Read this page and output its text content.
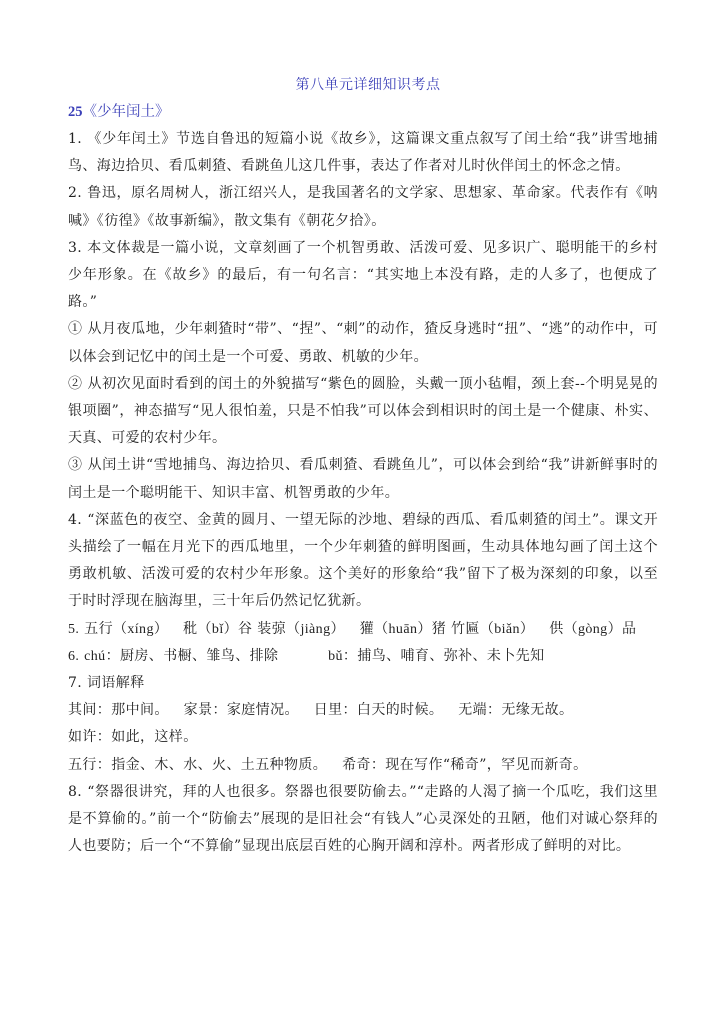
第八单元详细知识考点
25《少年闰土》
1. 《少年闰土》节选自鲁迅的短篇小说《故乡》，这篇课文重点叙写了闰土给“我”讲雪地捕鸟、海边拾贝、看瓜刺猹、看跳鱼儿这几件事，表达了作者对儿时伙伴闰土的怀念之情。
2. 鲁迅，原名周树人，浙江绍兴人，是我国著名的文学家、思想家、革命家。代表作有《呐喊》《彷徨》《故事新编》，散文集有《朝花夕拾》。
3. 本文体裁是一篇小说，文章刻画了一个机智勇敢、活泼可爱、见多识广、聪明能干的乡村少年形象。在《故乡》的最后，有一句名言：“其实地上本没有路，走的人多了，也便成了路。”
① 从月夜瓜地，少年刺猹时“带”、“捏”、“刺”的动作，猹反身逃时“扭”、“逃”的动作中，可以体会到记忆中的闰土是一个可爱、勇敢、机敏的少年。
② 从初次见面时看到的闰土的外貌描写“紫色的圆脸，头戴一顶小毡帽，颈上套--个明晃晃的银项圈”，神态描写“见人很怕羞，只是不怕我”可以体会到相识时的闰土是一个健康、朴实、天真、可爱的农村少年。
③ 从闰土讲“雪地捕鸟、海边拾贝、看瓜刺猹、看跳鱼儿”，可以体会到给“我”讲新鲜事时的闰土是一个聪明能干、知识丰富、机智勇敢的少年。
4. “深蓝色的夜空、金黄的圆月、一望无际的沙地、碧绿的西瓜、看瓜刺猹的闰土”。课文开头描绘了一幅在月光下的西瓜地里，一个少年刺猹的鲜明图画，生动具体地勾画了闰土这个勇敢机敏、活泼可爱的农村少年形象。这个美好的形象给“我”留下了极为深刻的印象，以至于时时浮现在脑海里，三十年后仍然记忆犹新。
5. 五行（xíng） 秕（bǐ）谷 装弶（jiàng） 獾（huān）猪 竹匾（biǎn） 供（gòng）品
6. chú：厨房、书橱、雏鸟、排除	bǔ：捕鸟、哺育、弥补、未卜先知
7. 词语解释
其间：那中间。 家景：家庭情况。 日里：白天的时候。 无端：无缘无故。
如许：如此，这样。
五行：指金、木、水、火、土五种物质。 希奇：现在写作“稀奇”，罕见而新奇。
8. “祭器很讲究，拜的人也很多。祭器也很要防偷去。”“走路的人渴了摘一个瓜吃，我们这里是不算偷的。”前一个“防偷去”展现的是旧社会“有钱人”心灵深处的丑陋，他们对诚心祭拜的人也要防；后一个“不算偷”显现出底层百姓的心胸开阔和淳朴。两者形成了鲜明的对比。
